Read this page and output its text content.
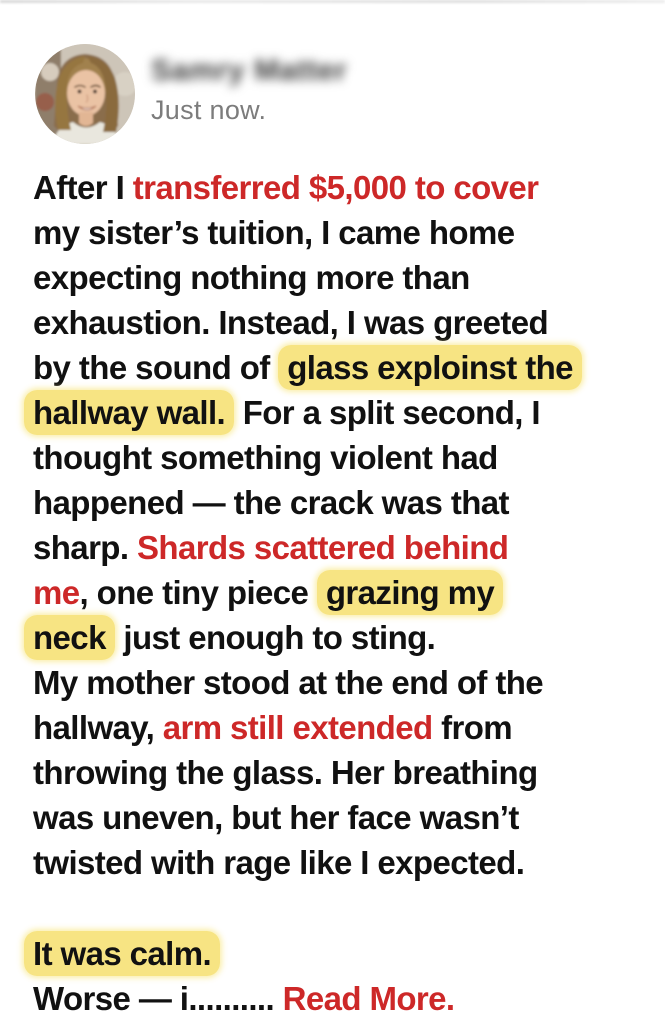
Samry Matter
Just now.
After I transferred $5,000 to cover
my sister’s tuition, I came home
expecting nothing more than
exhaustion. Instead, I was greeted
by the sound of glass exploinst the
hallway wall. For a split second, I
thought something violent had
happened — the crack was that
sharp. Shards scattered behind
me, one tiny piece grazing my
neck just enough to sting.
My mother stood at the end of the
hallway, arm still extended from
throwing the glass. Her breathing
was uneven, but her face wasn’t
twisted with rage like I expected.
It was calm.
Worse — i.......... Read More.
